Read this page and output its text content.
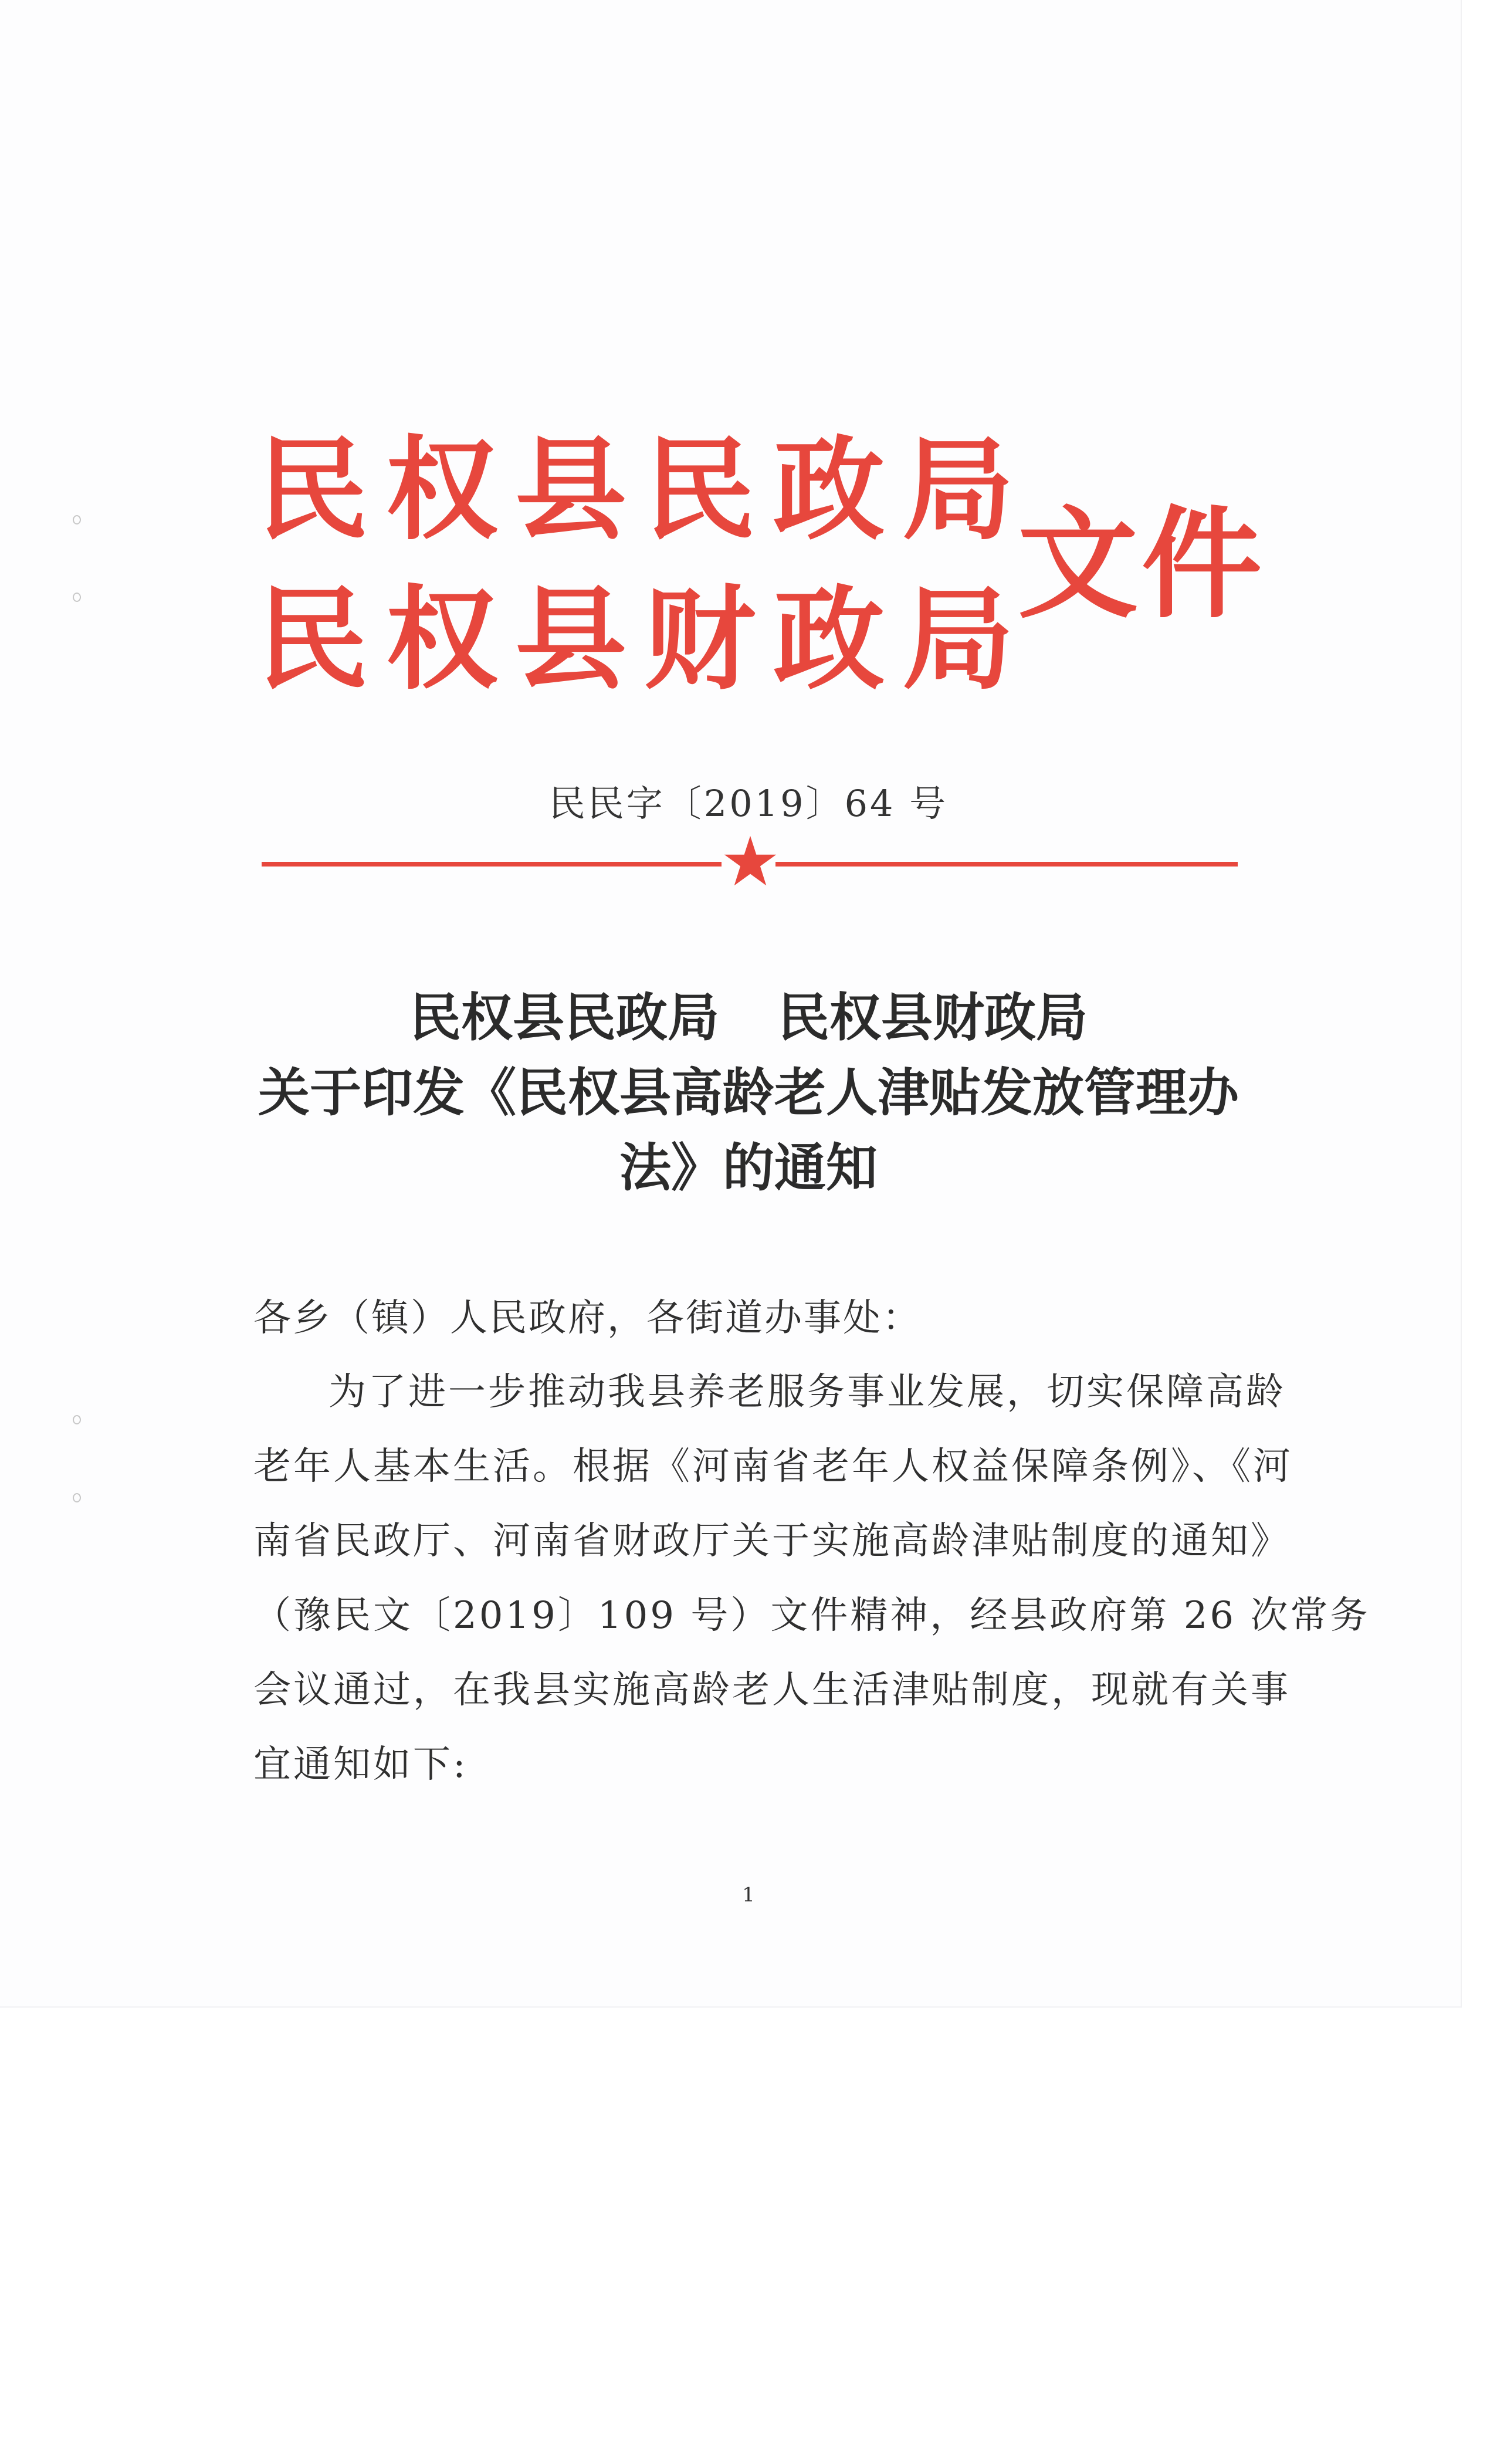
民权县民政局
民权县财政局
文件
民民字〔2019〕64 号
民权县民政局 民权县财政局
关于印发《民权县高龄老人津贴发放管理办
法》的通知
各乡（镇）人民政府，各街道办事处：
为了进一步推动我县养老服务事业发展，切实保障高龄
老年人基本生活。根据《河南省老年人权益保障条例》、《河
南省民政厅、河南省财政厅关于实施高龄津贴制度的通知》
（豫民文〔2019〕109 号）文件精神，经县政府第 26 次常务
会议通过，在我县实施高龄老人生活津贴制度，现就有关事
宜通知如下:
1
